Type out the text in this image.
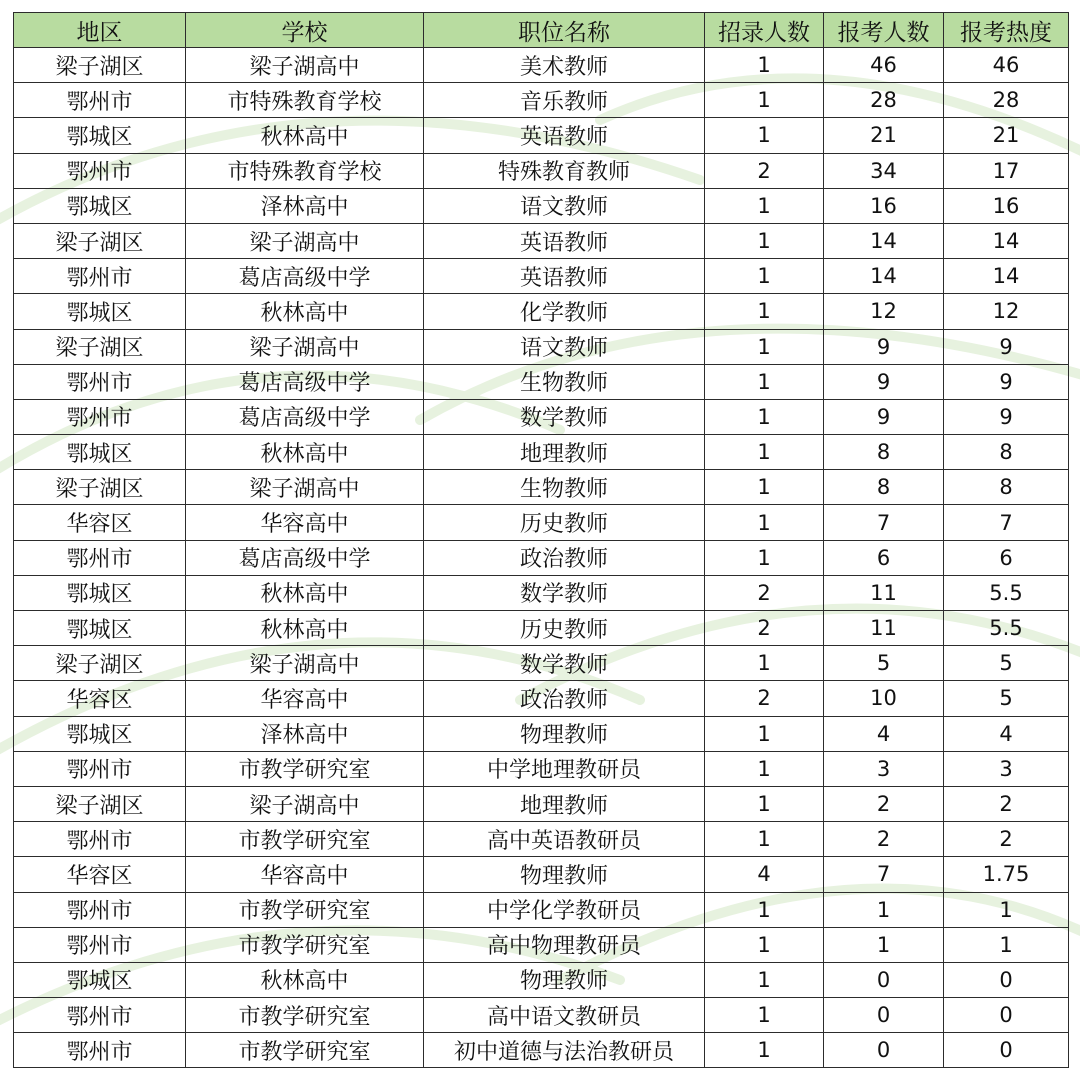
地区	学校	职位名称	招录人数	报考人数	报考热度
梁子湖区	梁子湖高中	美术教师	1	46	46
鄂州市	市特殊教育学校	音乐教师	1	28	28
鄂城区	秋林高中	英语教师	1	21	21
鄂州市	市特殊教育学校	特殊教育教师	2	34	17
鄂城区	泽林高中	语文教师	1	16	16
梁子湖区	梁子湖高中	英语教师	1	14	14
鄂州市	葛店高级中学	英语教师	1	14	14
鄂城区	秋林高中	化学教师	1	12	12
梁子湖区	梁子湖高中	语文教师	1	9	9
鄂州市	葛店高级中学	生物教师	1	9	9
鄂州市	葛店高级中学	数学教师	1	9	9
鄂城区	秋林高中	地理教师	1	8	8
梁子湖区	梁子湖高中	生物教师	1	8	8
华容区	华容高中	历史教师	1	7	7
鄂州市	葛店高级中学	政治教师	1	6	6
鄂城区	秋林高中	数学教师	2	11	5.5
鄂城区	秋林高中	历史教师	2	11	5.5
梁子湖区	梁子湖高中	数学教师	1	5	5
华容区	华容高中	政治教师	2	10	5
鄂城区	泽林高中	物理教师	1	4	4
鄂州市	市教学研究室	中学地理教研员	1	3	3
梁子湖区	梁子湖高中	地理教师	1	2	2
鄂州市	市教学研究室	高中英语教研员	1	2	2
华容区	华容高中	物理教师	4	7	1.75
鄂州市	市教学研究室	中学化学教研员	1	1	1
鄂州市	市教学研究室	高中物理教研员	1	1	1
鄂城区	秋林高中	物理教师	1	0	0
鄂州市	市教学研究室	高中语文教研员	1	0	0
鄂州市	市教学研究室	初中道德与法治教研员	1	0	0
